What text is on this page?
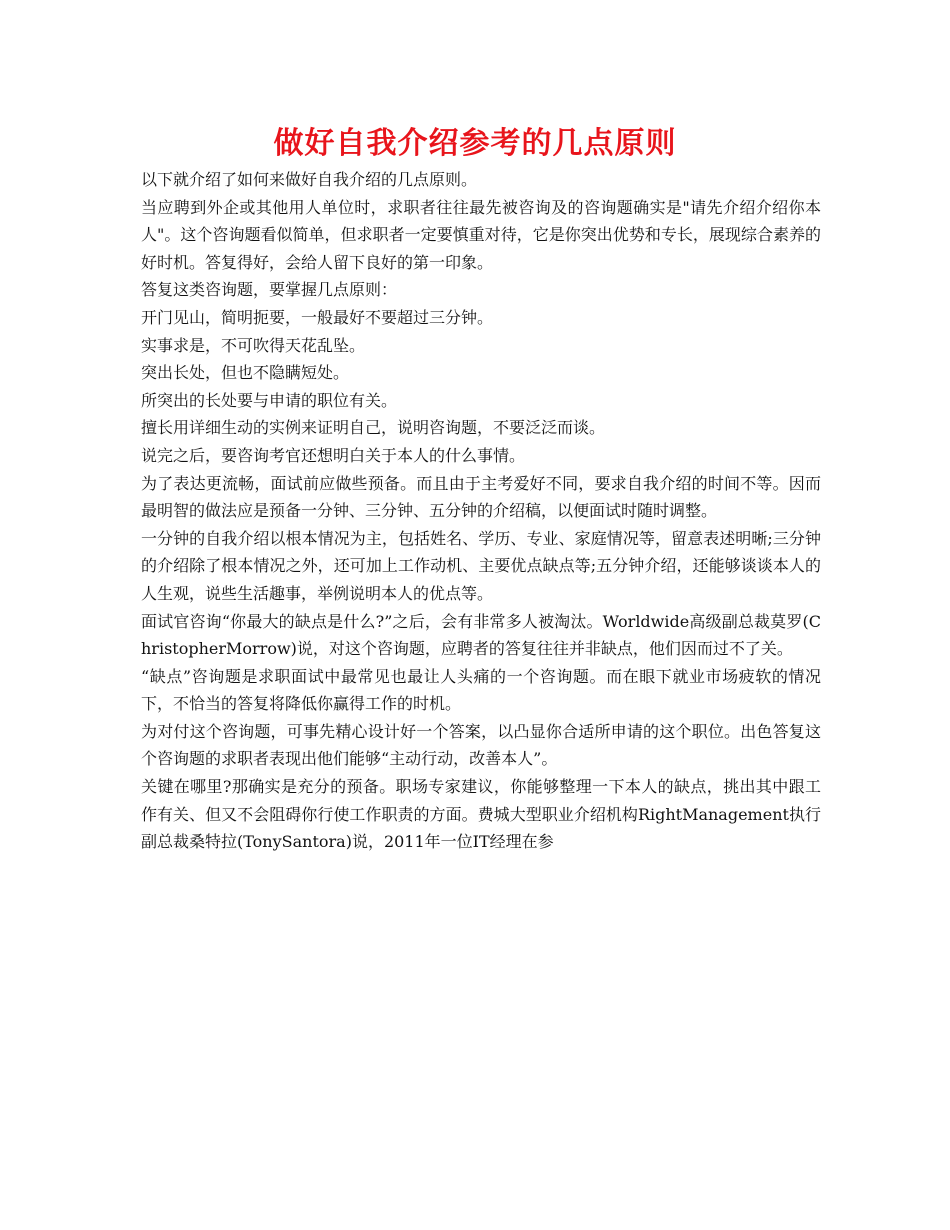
做好自我介绍参考的几点原则

以下就介绍了如何来做好自我介绍的几点原则。

当应聘到外企或其他用人单位时，求职者往往最先被咨询及的咨询题确实是"请先介绍介绍你本人"。这个咨询题看似简单，但求职者一定要慎重对待，它是你突出优势和专长，展现综合素养的好时机。答复得好，会给人留下良好的第一印象。

答复这类咨询题，要掌握几点原则：

开门见山，简明扼要，一般最好不要超过三分钟。

实事求是，不可吹得天花乱坠。

突出长处，但也不隐瞒短处。

所突出的长处要与申请的职位有关。

擅长用详细生动的实例来证明自己，说明咨询题，不要泛泛而谈。

说完之后，要咨询考官还想明白关于本人的什么事情。

为了表达更流畅，面试前应做些预备。而且由于主考爱好不同，要求自我介绍的时间不等。因而最明智的做法应是预备一分钟、三分钟、五分钟的介绍稿，以便面试时随时调整。

一分钟的自我介绍以根本情况为主，包括姓名、学历、专业、家庭情况等，留意表述明晰;三分钟的介绍除了根本情况之外，还可加上工作动机、主要优点缺点等;五分钟介绍，还能够谈谈本人的人生观，说些生活趣事，举例说明本人的优点等。

面试官咨询“你最大的缺点是什么?”之后，会有非常多人被淘汰。Worldwide高级副总裁莫罗(ChristopherMorrow)说，对这个咨询题，应聘者的答复往往并非缺点，他们因而过不了关。

“缺点”咨询题是求职面试中最常见也最让人头痛的一个咨询题。而在眼下就业市场疲软的情况下，不恰当的答复将降低你赢得工作的时机。

为对付这个咨询题，可事先精心设计好一个答案，以凸显你合适所申请的这个职位。出色答复这个咨询题的求职者表现出他们能够“主动行动，改善本人”。

关键在哪里?那确实是充分的预备。职场专家建议，你能够整理一下本人的缺点，挑出其中跟工作有关、但又不会阻碍你行使工作职责的方面。费城大型职业介绍机构RightManagement执行副总裁桑特拉(TonySantora)说，2011年一位IT经理在参
